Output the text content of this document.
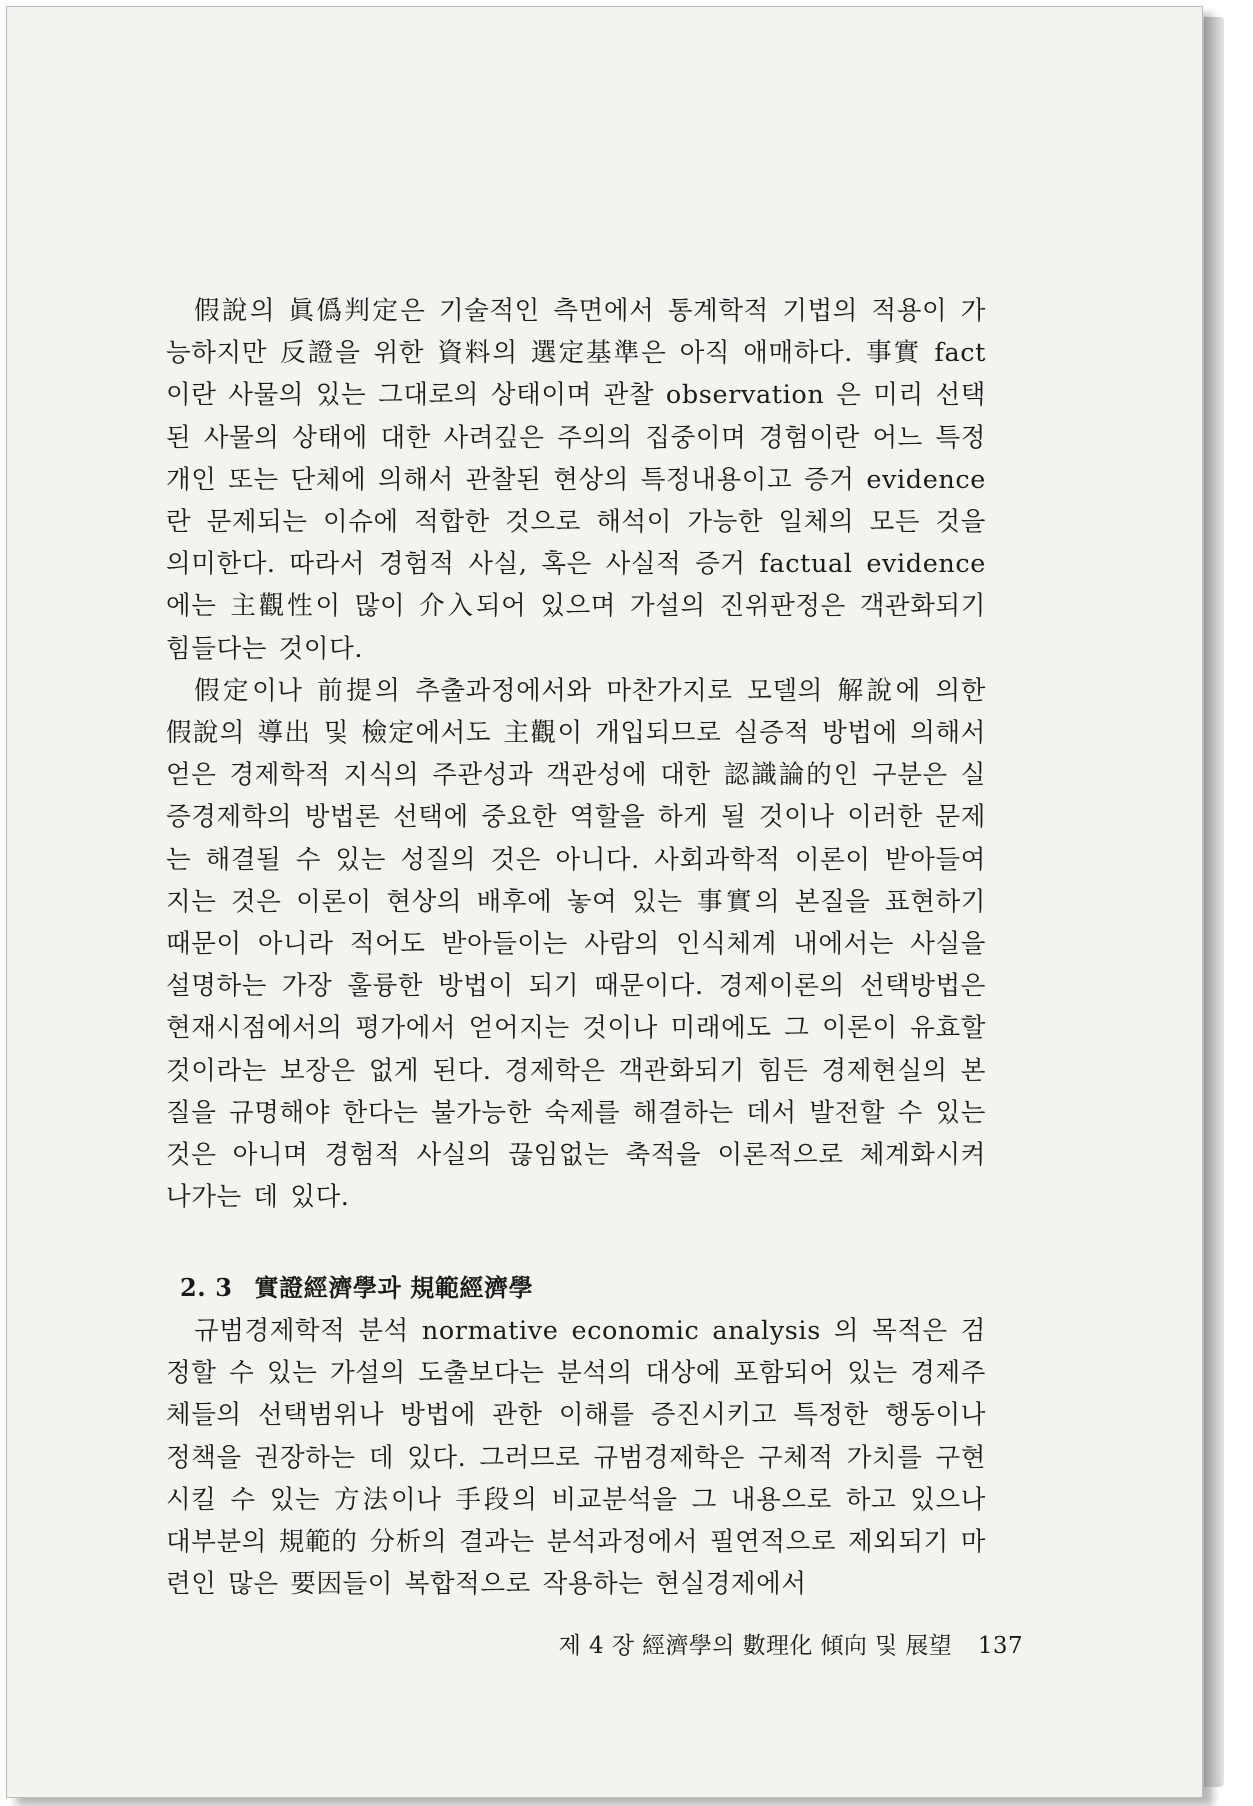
假說의 眞僞判定은 기술적인 측면에서 통계학적 기법의 적용이 가능하지만 反證을 위한 資料의 選定基準은 아직 애매하다. 事實 fact 이란 사물의 있는 그대로의 상태이며 관찰 observation 은 미리 선택된 사물의 상태에 대한 사려깊은 주의의 집중이며 경험이란 어느 특정 개인 또는 단체에 의해서 관찰된 현상의 특정내용이고 증거 evidence 란 문제되는 이슈에 적합한 것으로 해석이 가능한 일체의 모든 것을 의미한다. 따라서 경험적 사실, 혹은 사실적 증거 factual evidence 에는 主觀性이 많이 介入되어 있으며 가설의 진위판정은 객관화되기 힘들다는 것이다.

假定이나 前提의 추출과정에서와 마찬가지로 모델의 解說에 의한 假說의 導出 및 檢定에서도 主觀이 개입되므로 실증적 방법에 의해서 얻은 경제학적 지식의 주관성과 객관성에 대한 認識論的인 구분은 실증경제학의 방법론 선택에 중요한 역할을 하게 될 것이나 이러한 문제는 해결될 수 있는 성질의 것은 아니다. 사회과학적 이론이 받아들여지는 것은 이론이 현상의 배후에 놓여 있는 事實의 본질을 표현하기 때문이 아니라 적어도 받아들이는 사람의 인식체계 내에서는 사실을 설명하는 가장 훌륭한 방법이 되기 때문이다. 경제이론의 선택방법은 현재시점에서의 평가에서 얻어지는 것이나 미래에도 그 이론이 유효할 것이라는 보장은 없게 된다. 경제학은 객관화되기 힘든 경제현실의 본질을 규명해야 한다는 불가능한 숙제를 해결하는 데서 발전할 수 있는 것은 아니며 경험적 사실의 끊임없는 축적을 이론적으로 체계화시켜 나가는 데 있다.

2. 3 實證經濟學과 規範經濟學

규범경제학적 분석 normative economic analysis 의 목적은 검정할 수 있는 가설의 도출보다는 분석의 대상에 포함되어 있는 경제주체들의 선택범위나 방법에 관한 이해를 증진시키고 특정한 행동이나 정책을 권장하는 데 있다. 그러므로 규범경제학은 구체적 가치를 구현시킬 수 있는 方法이나 手段의 비교분석을 그 내용으로 하고 있으나 대부분의 規範的 分析의 결과는 분석과정에서 필연적으로 제외되기 마련인 많은 要因들이 복합적으로 작용하는 현실경제에서

제 4 장 經濟學의 數理化 傾向 및 展望 137
